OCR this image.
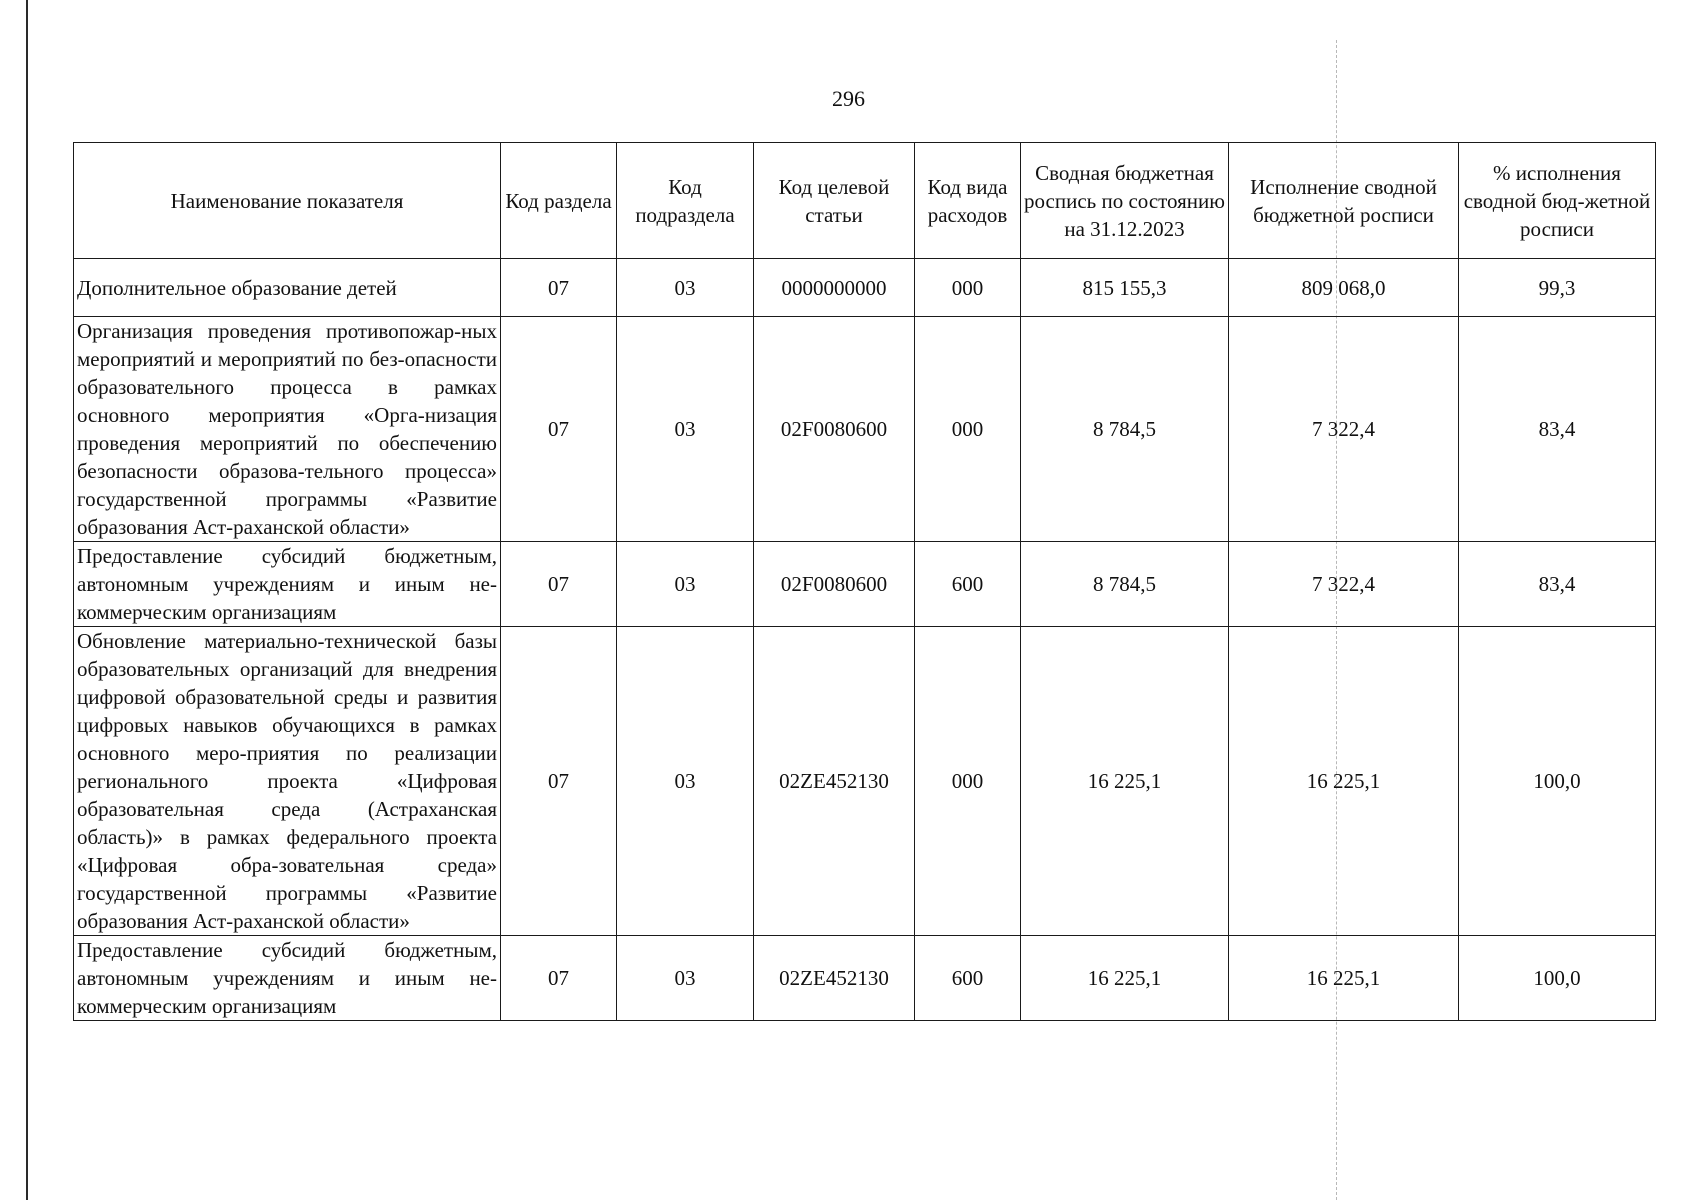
296
Наименование показателя	Код раздела	Код подраздела	Код целевой статьи	Код вида расходов	Сводная бюджетная роспись по состоянию на 31.12.2023	Исполнение сводной бюджетной росписи	% исполнения сводной бюд-жетной росписи
Дополнительное образование детей	07	03	0000000000	000	815 155,3	809 068,0	99,3
Организация проведения противопожар-ных мероприятий и мероприятий по без-опасности образовательного процесса в рамках основного мероприятия «Орга-низация проведения мероприятий по обеспечению безопасности образова-тельного процесса» государственной программы «Развитие образования Аст-раханской области»	07	03	02F0080600	000	8 784,5	7 322,4	83,4
Предоставление субсидий бюджетным, автономным учреждениям и иным не-коммерческим организациям	07	03	02F0080600	600	8 784,5	7 322,4	83,4
Обновление материально-технической базы образовательных организаций для внедрения цифровой образовательной среды и развития цифровых навыков обучающихся в рамках основного меро-приятия по реализации регионального проекта «Цифровая образовательная среда (Астраханская область)» в рамках федерального проекта «Цифровая обра-зовательная среда» государственной программы «Развитие образования Аст-раханской области»	07	03	02ZE452130	000	16 225,1	16 225,1	100,0
Предоставление субсидий бюджетным, автономным учреждениям и иным не-коммерческим организациям	07	03	02ZE452130	600	16 225,1	16 225,1	100,0
